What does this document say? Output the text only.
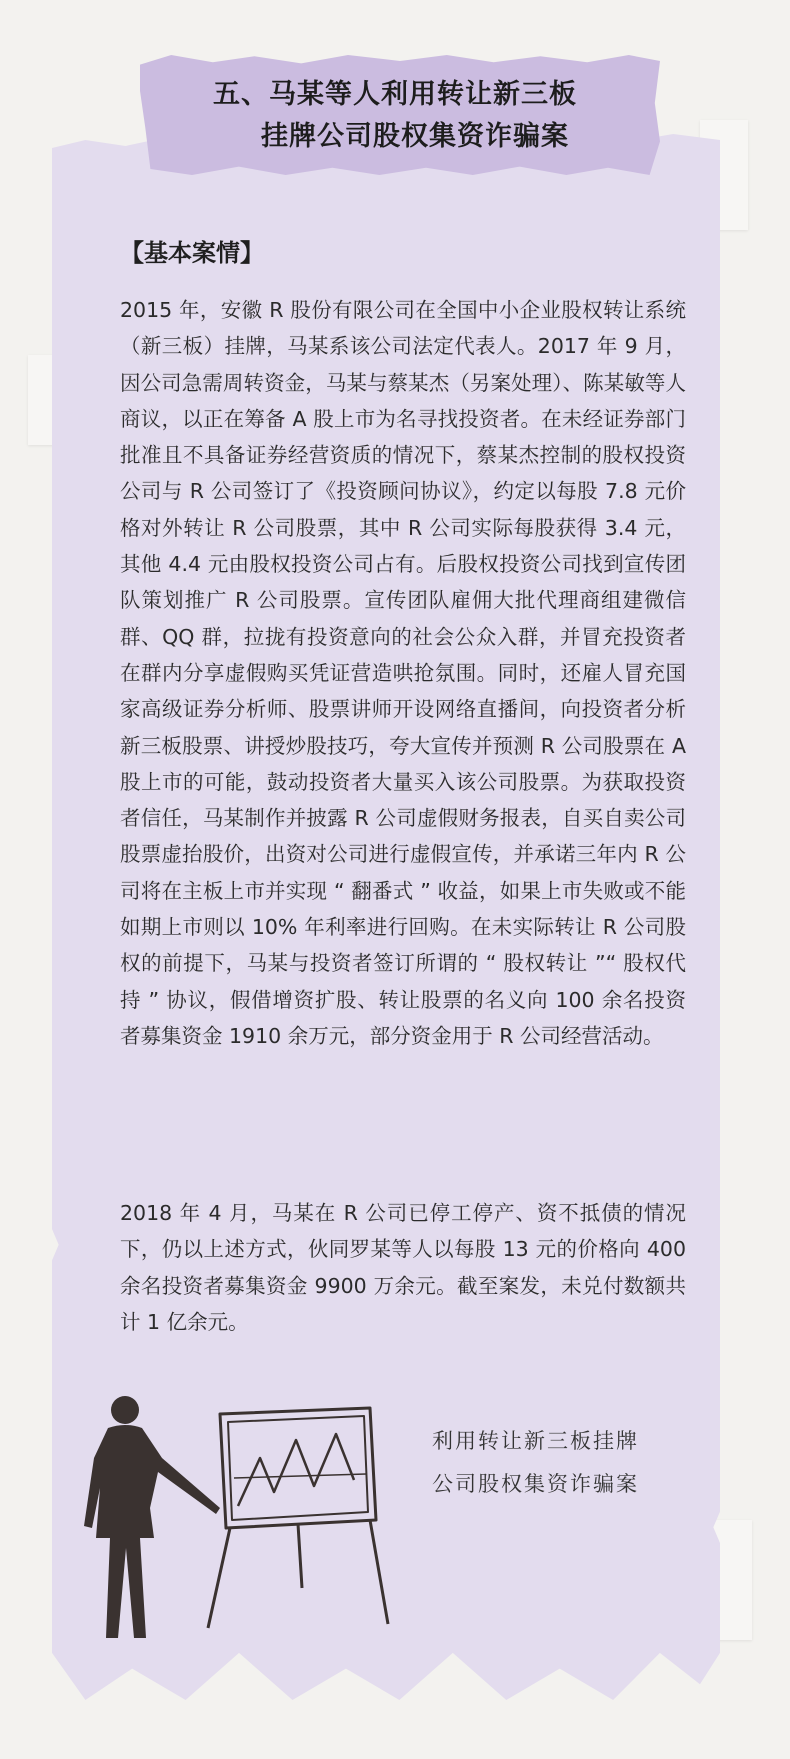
五、马某等人利用转让新三板
挂牌公司股权集资诈骗案
【基本案情】

2015 年，安徽 R 股份有限公司在全国中小企业股权转让系统（新三板）挂牌，马某系该公司法定代表人。2017 年 9 月，因公司急需周转资金，马某与蔡某杰（另案处理）、陈某敏等人商议，以正在筹备 A 股上市为名寻找投资者。在未经证券部门批准且不具备证券经营资质的情况下，蔡某杰控制的股权投资公司与 R 公司签订了《投资顾问协议》，约定以每股 7.8 元价格对外转让 R 公司股票，其中 R 公司实际每股获得 3.4 元，其他 4.4 元由股权投资公司占有。后股权投资公司找到宣传团队策划推广 R 公司股票。宣传团队雇佣大批代理商组建微信群、QQ 群，拉拢有投资意向的社会公众入群，并冒充投资者在群内分享虚假购买凭证营造哄抢氛围。同时，还雇人冒充国家高级证券分析师、股票讲师开设网络直播间，向投资者分析新三板股票、讲授炒股技巧，夸大宣传并预测 R 公司股票在 A 股上市的可能，鼓动投资者大量买入该公司股票。为获取投资者信任，马某制作并披露 R 公司虚假财务报表，自买自卖公司股票虚抬股价，出资对公司进行虚假宣传，并承诺三年内 R 公司将在主板上市并实现 “ 翻番式 ” 收益，如果上市失败或不能如期上市则以 10% 年利率进行回购。在未实际转让 R 公司股权的前提下，马某与投资者签订所谓的 “ 股权转让 ”“ 股权代持 ” 协议，假借增资扩股、转让股票的名义向 100 余名投资者募集资金 1910 余万元，部分资金用于 R 公司经营活动。

2018 年 4 月，马某在 R 公司已停工停产、资不抵债的情况下，仍以上述方式，伙同罗某等人以每股 13 元的价格向 400 余名投资者募集资金 9900 万余元。截至案发，未兑付数额共计 1 亿余元。

利用转让新三板挂牌
公司股权集资诈骗案
